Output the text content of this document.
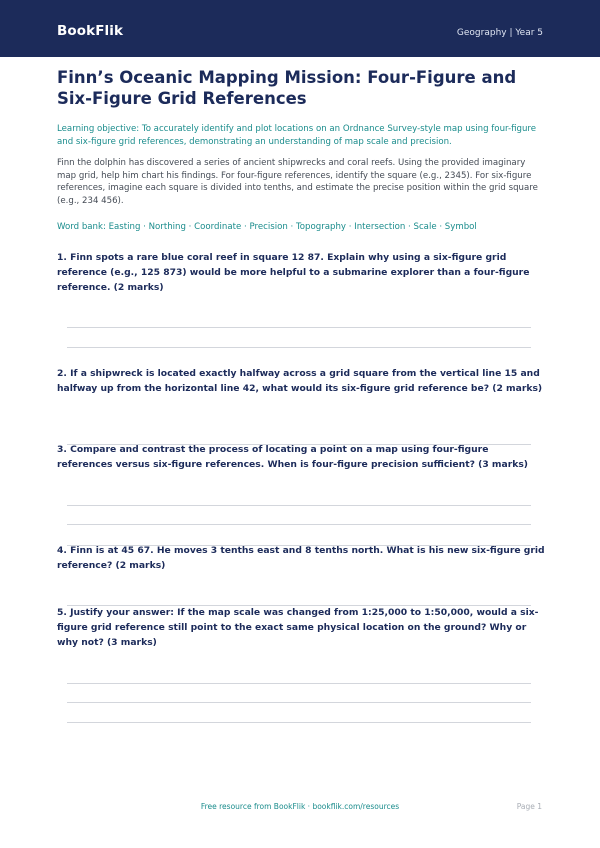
BookFlik	Geography | Year 5
Finn’s Oceanic Mapping Mission: Four-Figure and Six-Figure Grid References

Learning objective: To accurately identify and plot locations on an Ordnance Survey-style map using four-figure and six-figure grid references, demonstrating an understanding of map scale and precision.

Finn the dolphin has discovered a series of ancient shipwrecks and coral reefs. Using the provided imaginary map grid, help him chart his findings. For four-figure references, identify the square (e.g., 2345). For six-figure references, imagine each square is divided into tenths, and estimate the precise position within the grid square (e.g., 234 456).

Word bank: Easting · Northing · Coordinate · Precision · Topography · Intersection · Scale · Symbol

1. Finn spots a rare blue coral reef in square 12 87. Explain why using a six-figure grid reference (e.g., 125 873) would be more helpful to a submarine explorer than a four-figure reference. (2 marks)

2. If a shipwreck is located exactly halfway across a grid square from the vertical line 15 and halfway up from the horizontal line 42, what would its six-figure grid reference be? (2 marks)

3. Compare and contrast the process of locating a point on a map using four-figure references versus six-figure references. When is four-figure precision sufficient? (3 marks)

4. Finn is at 45 67. He moves 3 tenths east and 8 tenths north. What is his new six-figure grid reference? (2 marks)

5. Justify your answer: If the map scale was changed from 1:25,000 to 1:50,000, would a six-figure grid reference still point to the exact same physical location on the ground? Why or why not? (3 marks)

Free resource from BookFlik · bookflik.com/resources	Page 1
